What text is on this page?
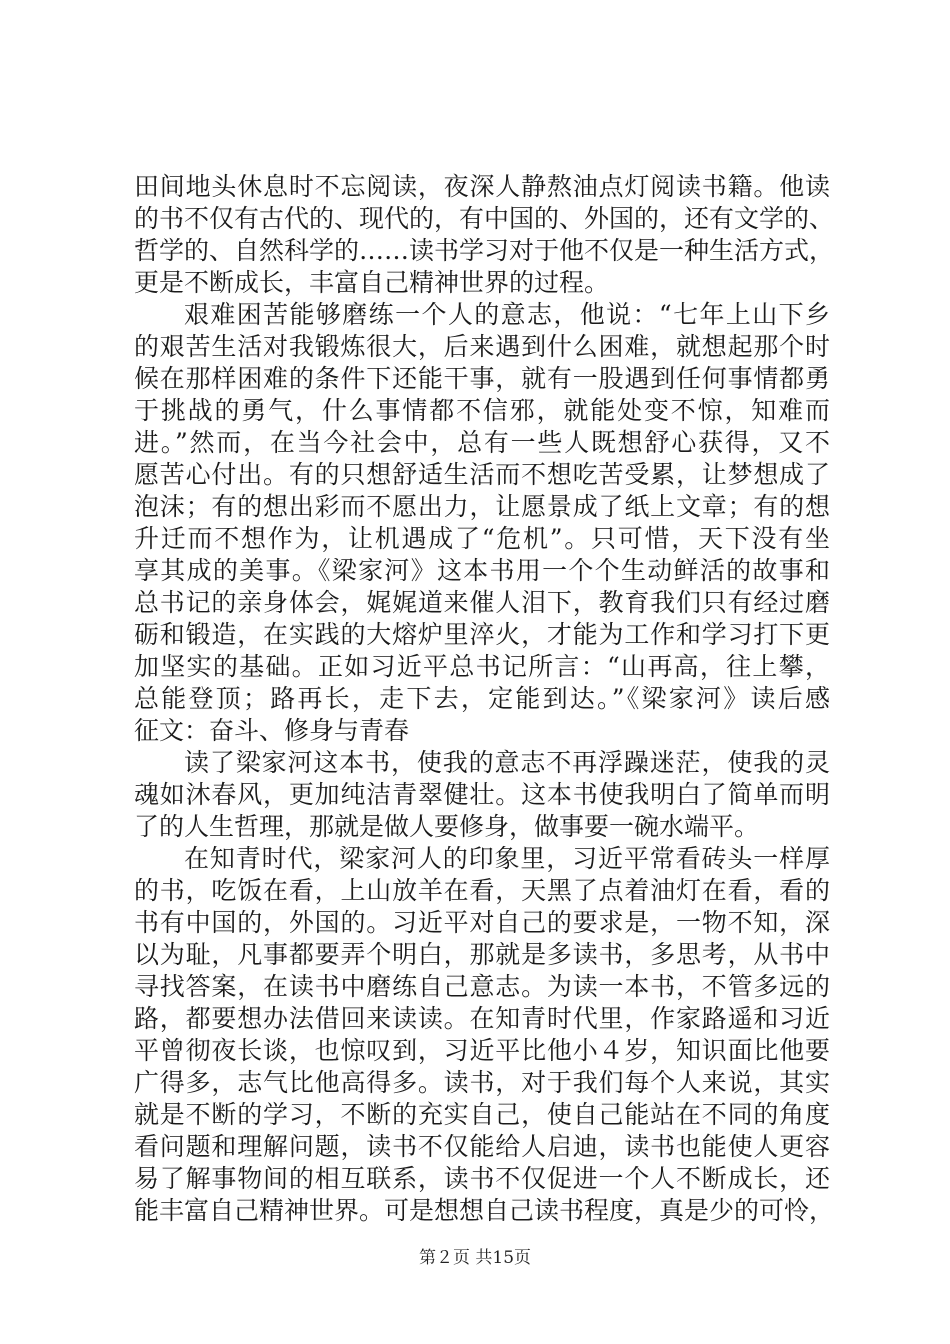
田间地头休息时不忘阅读，夜深人静熬油点灯阅读书籍。他读
的书不仅有古代的、现代的，有中国的、外国的，还有文学的、
哲学的、自然科学的……读书学习对于他不仅是一种生活方式，
更是不断成长，丰富自己精神世界的过程。
艰难困苦能够磨练一个人的意志，他说：“七年上山下乡
的艰苦生活对我锻炼很大，后来遇到什么困难，就想起那个时
候在那样困难的条件下还能干事，就有一股遇到任何事情都勇
于挑战的勇气，什么事情都不信邪，就能处变不惊，知难而
进。”然而，在当今社会中，总有一些人既想舒心获得，又不
愿苦心付出。有的只想舒适生活而不想吃苦受累，让梦想成了
泡沫；有的想出彩而不愿出力，让愿景成了纸上文章；有的想
升迁而不想作为，让机遇成了“危机”。只可惜，天下没有坐
享其成的美事。《梁家河》这本书用一个个生动鲜活的故事和
总书记的亲身体会，娓娓道来催人泪下，教育我们只有经过磨
砺和锻造，在实践的大熔炉里淬火，才能为工作和学习打下更
加坚实的基础。正如习近平总书记所言：“山再高，往上攀，
总能登顶；路再长，走下去，定能到达。”《梁家河》读后感
征文：奋斗、修身与青春
读了梁家河这本书，使我的意志不再浮躁迷茫，使我的灵
魂如沐春风，更加纯洁青翠健壮。这本书使我明白了简单而明
了的人生哲理，那就是做人要修身，做事要一碗水端平。
在知青时代，梁家河人的印象里，习近平常看砖头一样厚
的书，吃饭在看，上山放羊在看，天黑了点着油灯在看，看的
书有中国的，外国的。习近平对自己的要求是，一物不知，深
以为耻，凡事都要弄个明白，那就是多读书，多思考，从书中
寻找答案，在读书中磨练自己意志。为读一本书，不管多远的
路，都要想办法借回来读读。在知青时代里，作家路遥和习近
平曾彻夜长谈，也惊叹到，习近平比他小４岁，知识面比他要
广得多，志气比他高得多。读书，对于我们每个人来说，其实
就是不断的学习，不断的充实自己，使自己能站在不同的角度
看问题和理解问题，读书不仅能给人启迪，读书也能使人更容
易了解事物间的相互联系，读书不仅促进一个人不断成长，还
能丰富自己精神世界。可是想想自己读书程度，真是少的可怜，
第２页 共15页
